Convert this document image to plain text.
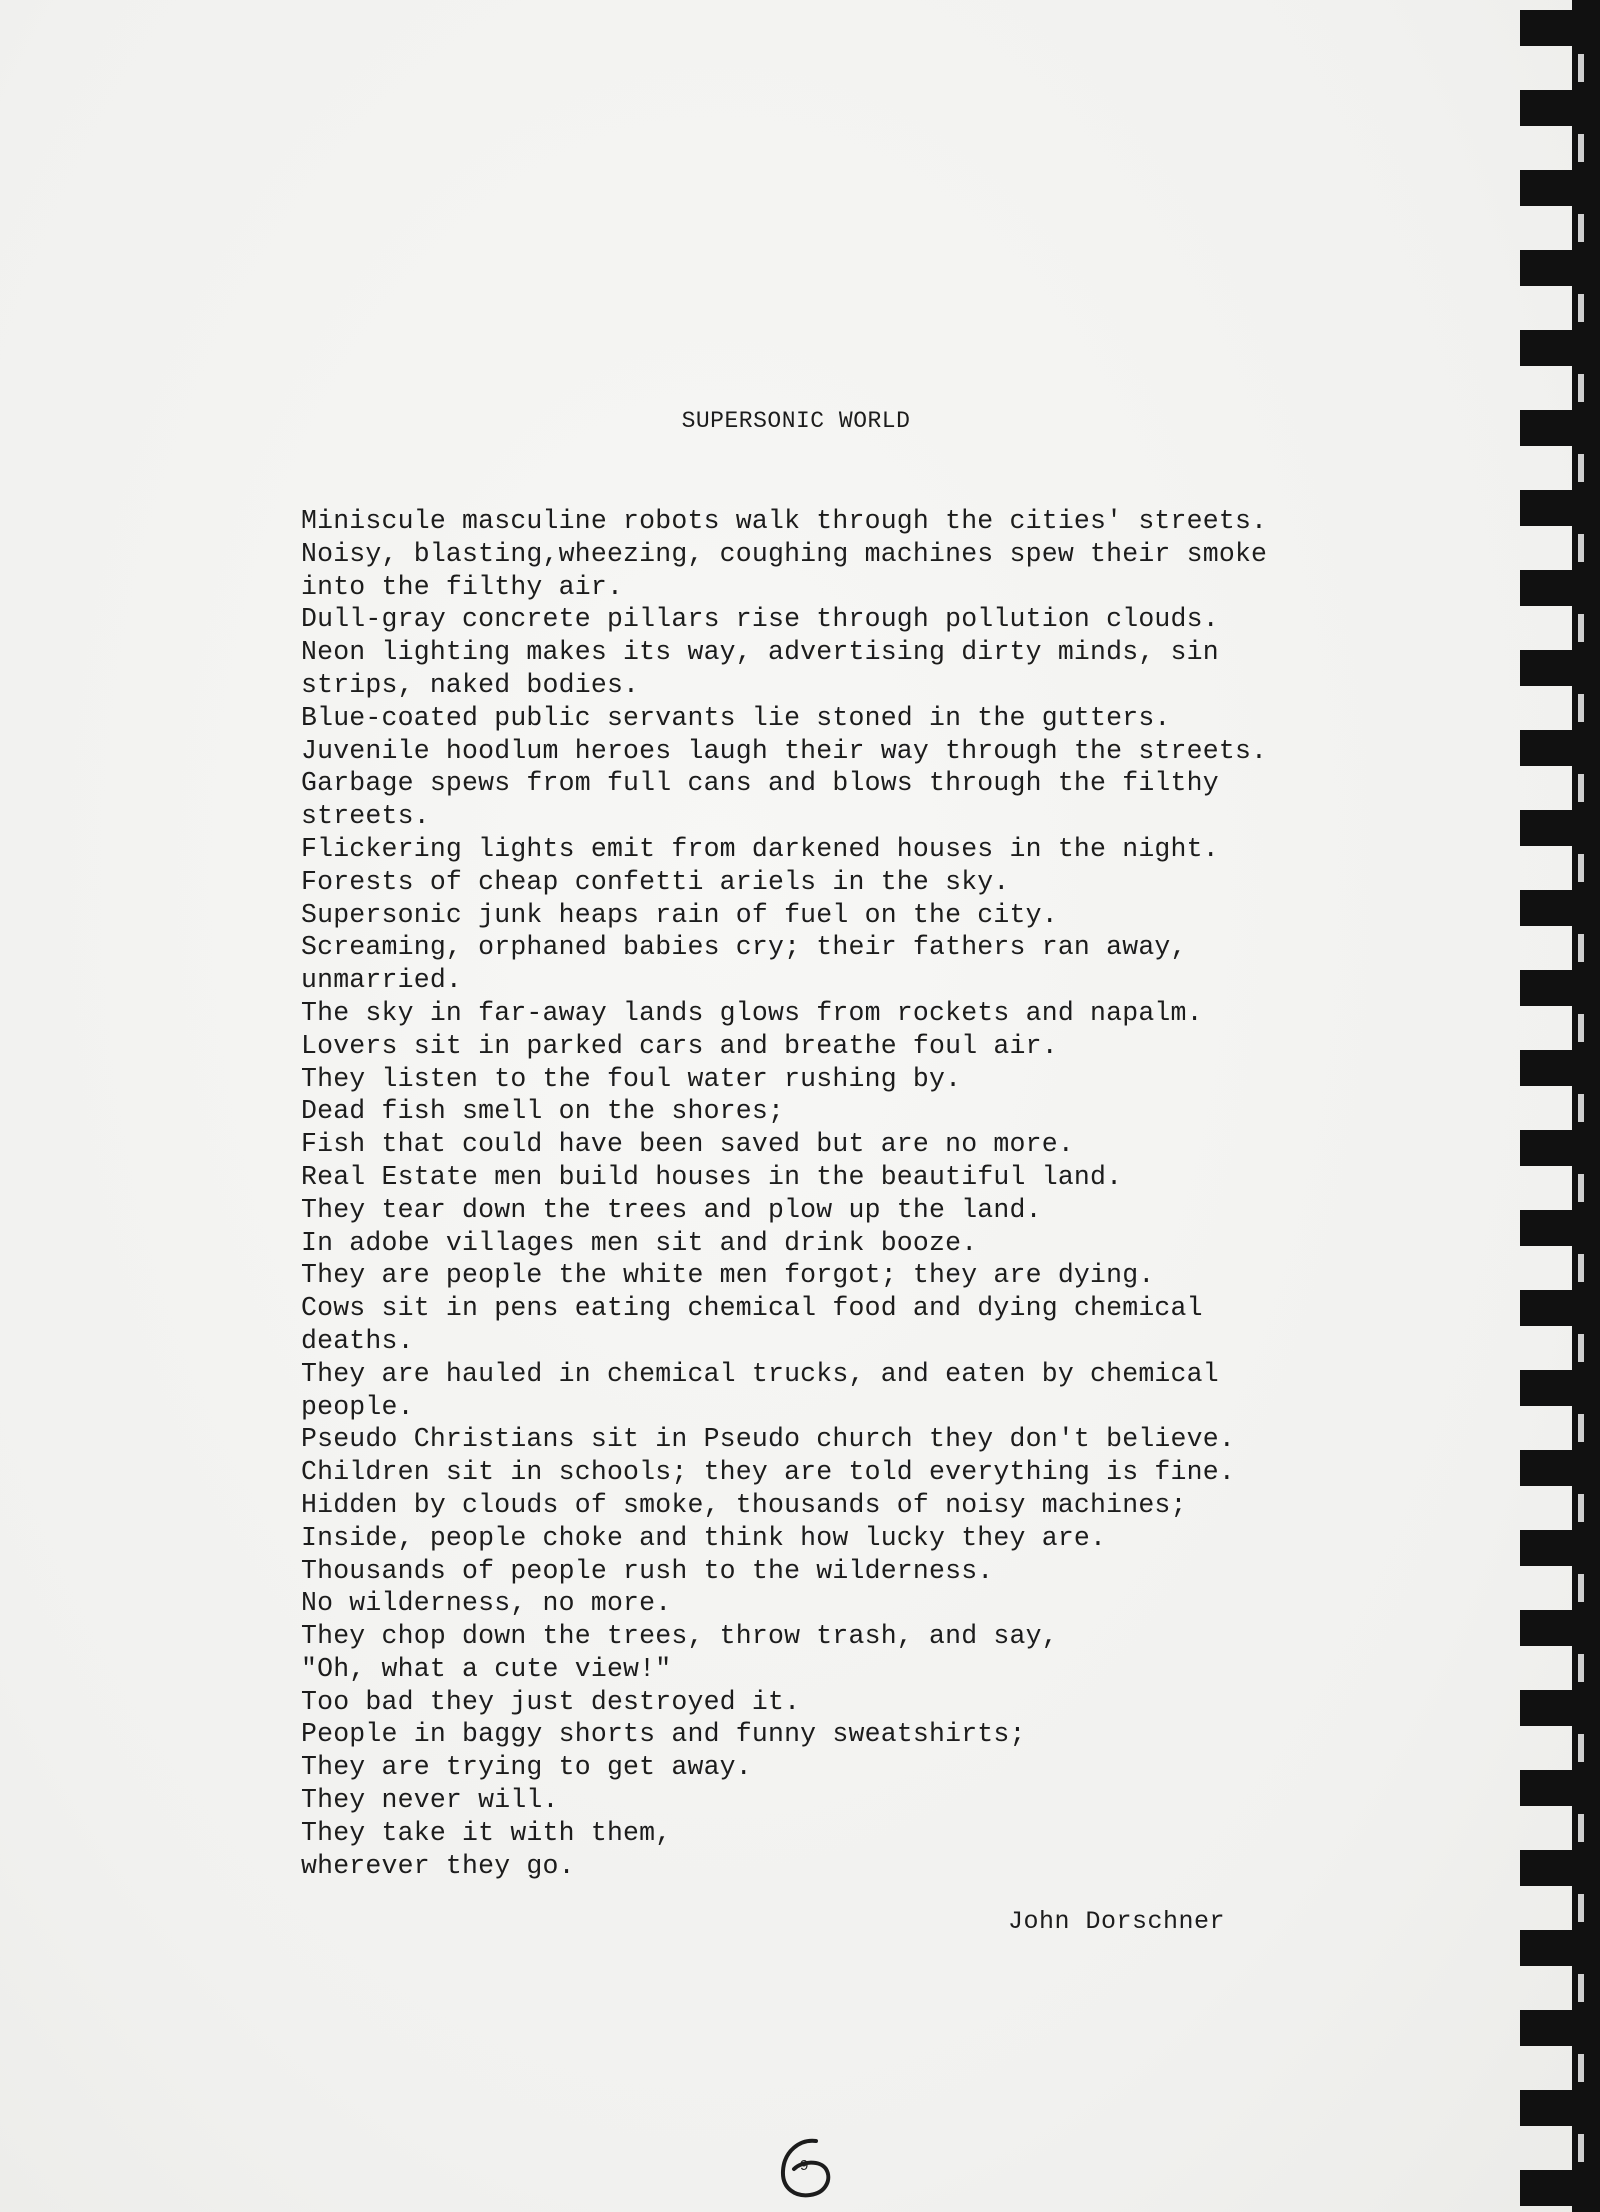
SUPERSONIC WORLD
Miniscule masculine robots walk through the cities' streets.
Noisy, blasting,wheezing, coughing machines spew their smoke
into the filthy air.
Dull-gray concrete pillars rise through pollution clouds.
Neon lighting makes its way, advertising dirty minds, sin
strips, naked bodies.
Blue-coated public servants lie stoned in the gutters.
Juvenile hoodlum heroes laugh their way through the streets.
Garbage spews from full cans and blows through the filthy
streets.
Flickering lights emit from darkened houses in the night.
Forests of cheap confetti ariels in the sky.
Supersonic junk heaps rain of fuel on the city.
Screaming, orphaned babies cry; their fathers ran away,
unmarried.
The sky in far-away lands glows from rockets and napalm.
Lovers sit in parked cars and breathe foul air.
They listen to the foul water rushing by.
Dead fish smell on the shores;
Fish that could have been saved but are no more.
Real Estate men build houses in the beautiful land.
They tear down the trees and plow up the land.
In adobe villages men sit and drink booze.
They are people the white men forgot; they are dying.
Cows sit in pens eating chemical food and dying chemical
deaths.
They are hauled in chemical trucks, and eaten by chemical
people.
Pseudo Christians sit in Pseudo church they don't believe.
Children sit in schools; they are told everything is fine.
Hidden by clouds of smoke, thousands of noisy machines;
Inside, people choke and think how lucky they are.
Thousands of people rush to the wilderness.
No wilderness, no more.
They chop down the trees, throw trash, and say,
"Oh, what a cute view!"
Too bad they just destroyed it.
People in baggy shorts and funny sweatshirts;
They are trying to get away.
They never will.
They take it with them,
wherever they go.
John Dorschner
9
